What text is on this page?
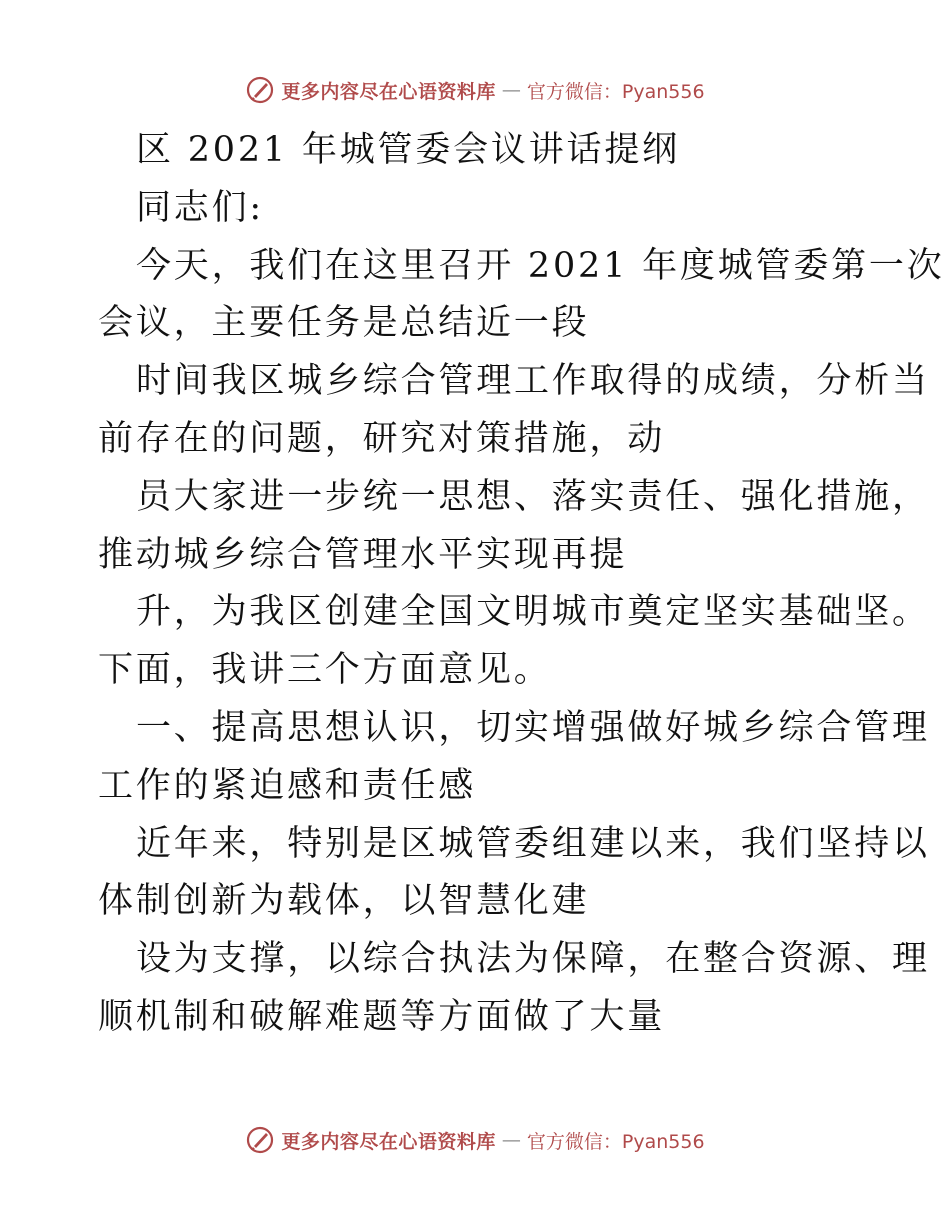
更多内容尽在心语资料库 — 官方微信：Pyan556
区 2021 年城管委会议讲话提纲
同志们:
今天，我们在这里召开 2021 年度城管委第一次
会议，主要任务是总结近一段
时间我区城乡综合管理工作取得的成绩，分析当
前存在的问题，研究对策措施，动
员大家进一步统一思想、落实责任、强化措施，
推动城乡综合管理水平实现再提
升，为我区创建全国文明城市奠定坚实基础坚。
下面，我讲三个方面意见。
一、提高思想认识，切实增强做好城乡综合管理
工作的紧迫感和责任感
近年来，特别是区城管委组建以来，我们坚持以
体制创新为载体，以智慧化建
设为支撑，以综合执法为保障，在整合资源、理
顺机制和破解难题等方面做了大量
更多内容尽在心语资料库 — 官方微信：Pyan556
